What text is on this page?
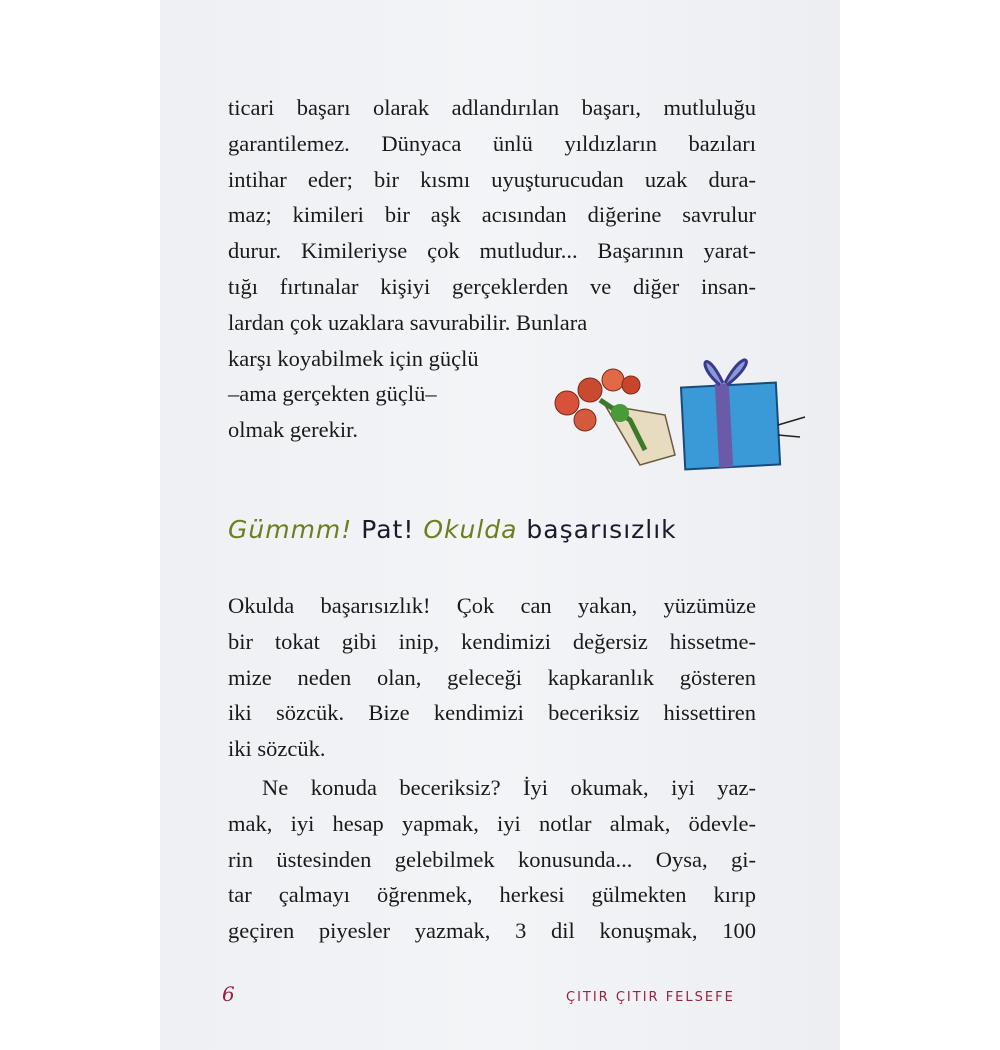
ticari başarı olarak adlandırılan başarı, mutluluğu
garantilemez. Dünyaca ünlü yıldızların bazıları
intihar eder; bir kısmı uyuşturucudan uzak dura-
maz; kimileri bir aşk acısından diğerine savrulur
durur. Kimileriyse çok mutludur... Başarının yarat-
tığı fırtınalar kişiyi gerçeklerden ve diğer insan-
lardan çok uzaklara savurabilir. Bunlara
karşı koyabilmek için güçlü
–ama gerçekten güçlü–
olmak gerekir.
Gümmm! Pat! Okulda başarısızlık
Okulda başarısızlık! Çok can yakan, yüzümüze
bir tokat gibi inip, kendimizi değersiz hissetme-
mize neden olan, geleceği kapkaranlık gösteren
iki sözcük. Bize kendimizi beceriksiz hissettiren
iki sözcük.
Ne konuda beceriksiz? İyi okumak, iyi yaz-
mak, iyi hesap yapmak, iyi notlar almak, ödevle-
rin üstesinden gelebilmek konusunda... Oysa, gi-
tar çalmayı öğrenmek, herkesi gülmekten kırıp
geçiren piyesler yazmak, 3 dil konuşmak, 100
6	ÇITIR ÇITIR FELSEFE
